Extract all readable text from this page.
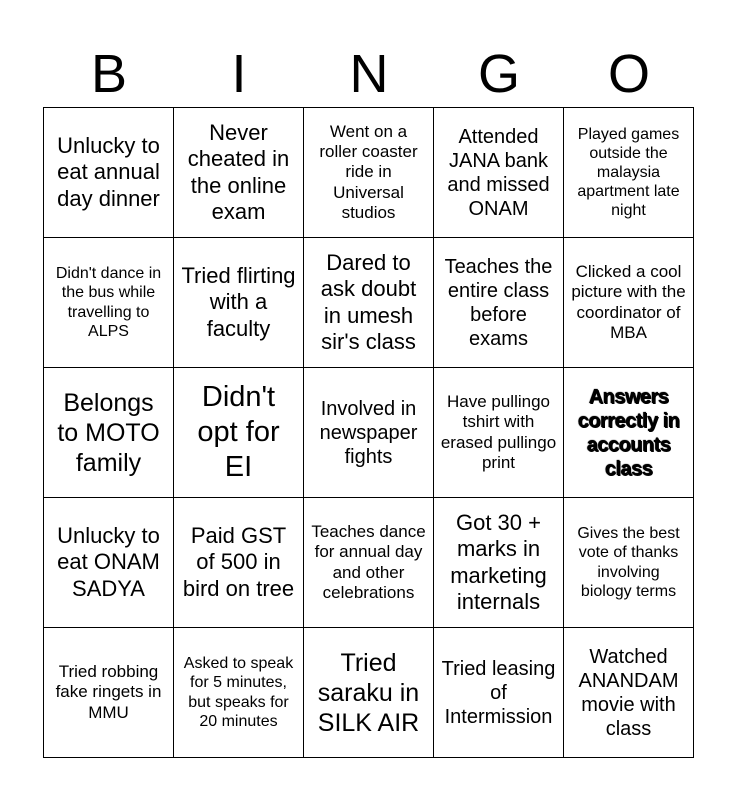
B	I	N	G	O
Unlucky to eat annual day dinner
Never cheated in the online exam
Went on a roller coaster ride in Universal studios
Attended JANA bank and missed ONAM
Played games outside the malaysia apartment late night
Didn't dance in the bus while travelling to ALPS
Tried flirting with a faculty
Dared to ask doubt in umesh sir's class
Teaches the entire class before exams
Clicked a cool picture with the coordinator of MBA
Belongs to MOTO family
Didn't opt for EI
Involved in newspaper fights
Have pullingo tshirt with erased pullingo print
Answers correctly in accounts class
Unlucky to eat ONAM SADYA
Paid GST of 500 in bird on tree
Teaches dance for annual day and other celebrations
Got 30 + marks in marketing internals
Gives the best vote of thanks involving biology terms
Tried robbing fake ringets in MMU
Asked to speak for 5 minutes, but speaks for 20 minutes
Tried saraku in SILK AIR
Tried leasing of Intermission
Watched ANANDAM movie with class
